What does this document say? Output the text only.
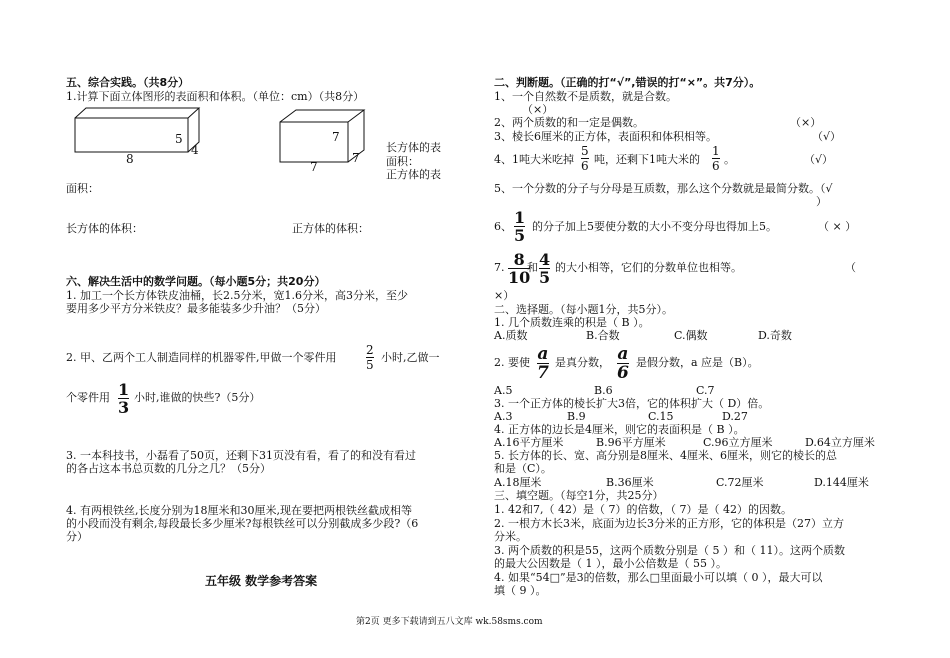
五、综合实践。（共8分）
1.计算下面立体图形的表面积和体积。（单位：cm）（共8分）
5
4
8
7
7
7
长方体的表
面积：
正方体的表
面积：
长方体的体积：	正方体的体积：
六、解决生活中的数学问题。（每小题5分；共20分）
1. 加工一个长方体铁皮油桶，长2.5分米，宽1.6分米，高3分米，至少
要用多少平方分米铁皮？最多能装多少升油？（5分）
2. 甲、乙两个工人制造同样的机器零件,甲做一个零件用
2
5
小时,乙做一
个零件用 1
3
小时,谁做的快些?（5分）
3. 一本科技书，小磊看了50页，还剩下31页没有看，看了的和没有看过
的各占这本书总页数的几分之几？（5分）
4. 有两根铁丝,长度分别为18厘米和30厘米,现在要把两根铁丝截成相等
的小段而没有剩余,每段最长多少厘米?每根铁丝可以分别截成多少段?（6
分）
五年级 数学参考答案
二、判断题。（正确的打“√”,错误的打“×”。共7分）。
1、一个自然数不是质数，就是合数。
（×）
2、两个质数的和一定是偶数。	（×）
3、棱长6厘米的正方体，表面积和体积相等。	（√）
4、1吨大米吃掉
5
6 吨，还剩下1吨大米的
1
6 。	（√）
5、一个分数的分子与分母是互质数，那么这个分数就是最简分数。（√
）
6、 1
5 的分子加上5要使分数的大小不变分母也得加上5。	（ × ）
7. 8
10
和 4
5
的大小相等，它们的分数单位也相等。	（
×）
二、选择题。（每小题1分，共5分）。
1. 几个质数连乘的积是（ B ）。
A.质数	B.合数	C.偶数	D.奇数
2. 要使 a
7
是真分数， a
6
是假分数，a 应是（B）。
A.5	B.6	C.7
3. 一个正方体的棱长扩大3倍，它的体积扩大（ D）倍。
A.3	B.9	C.15	D.27
4. 正方体的边长是4厘米，则它的表面积是（ B ）。
A.16平方厘米	B.96平方厘米	C.96立方厘米	D.64立方厘米
5. 长方体的长、宽、高分别是8厘米、4厘米、6厘米，则它的棱长的总
和是（C）。
A.18厘米	B.36厘米	C.72厘米	D.144厘米
三、填空题。（每空1分，共25分）
1. 42和7,（ 42）是（ 7）的倍数，（ 7）是（ 42）的因数。
2. 一根方木长3米，底面为边长3分米的正方形，它的体积是（27）立方
分米。
3. 两个质数的积是55，这两个质数分别是（ 5 ）和（ 11）。这两个质数
的最大公因数是（ 1 ），最小公倍数是（ 55 ）。
4. 如果“54□”是3的倍数，那么□里面最小可以填（ 0 ），最大可以
填（ 9 ）。
第2页 更多下载请到五八文库 wk.58sms.com
